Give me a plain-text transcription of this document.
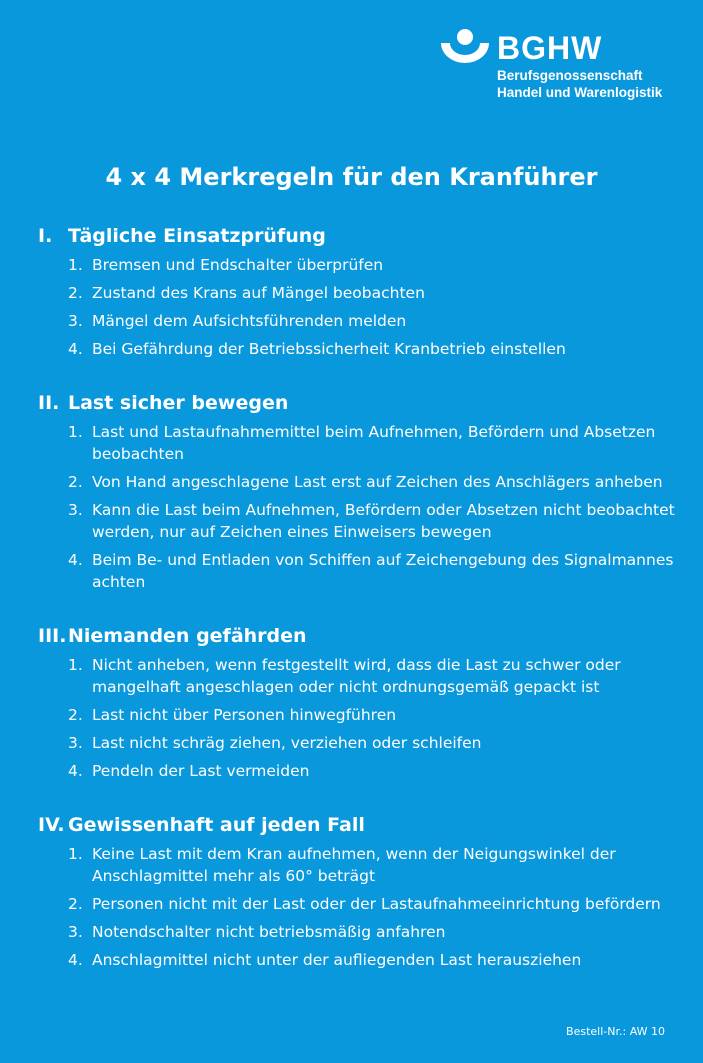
BGHW
Berufsgenossenschaft
Handel und Warenlogistik
4 x 4 Merkregeln für den Kranführer
I. Tägliche Einsatzprüfung
1. Bremsen und Endschalter überprüfen
2. Zustand des Krans auf Mängel beobachten
3. Mängel dem Aufsichtsführenden melden
4. Bei Gefährdung der Betriebssicherheit Kranbetrieb einstellen
II. Last sicher bewegen
1. Last und Lastaufnahmemittel beim Aufnehmen, Befördern und Absetzen beobachten
2. Von Hand angeschlagene Last erst auf Zeichen des Anschlägers anheben
3. Kann die Last beim Aufnehmen, Befördern oder Absetzen nicht beobachtet werden, nur auf Zeichen eines Einweisers bewegen
4. Beim Be- und Entladen von Schiffen auf Zeichengebung des Signalmannes achten
III. Niemanden gefährden
1. Nicht anheben, wenn festgestellt wird, dass die Last zu schwer oder mangelhaft angeschlagen oder nicht ordnungsgemäß gepackt ist
2. Last nicht über Personen hinwegführen
3. Last nicht schräg ziehen, verziehen oder schleifen
4. Pendeln der Last vermeiden
IV. Gewissenhaft auf jeden Fall
1. Keine Last mit dem Kran aufnehmen, wenn der Neigungswinkel der Anschlagmittel mehr als 60° beträgt
2. Personen nicht mit der Last oder der Lastaufnahmeeinrichtung befördern
3. Notendschalter nicht betriebsmäßig anfahren
4. Anschlagmittel nicht unter der aufliegenden Last herausziehen
Bestell-Nr.: AW 10
